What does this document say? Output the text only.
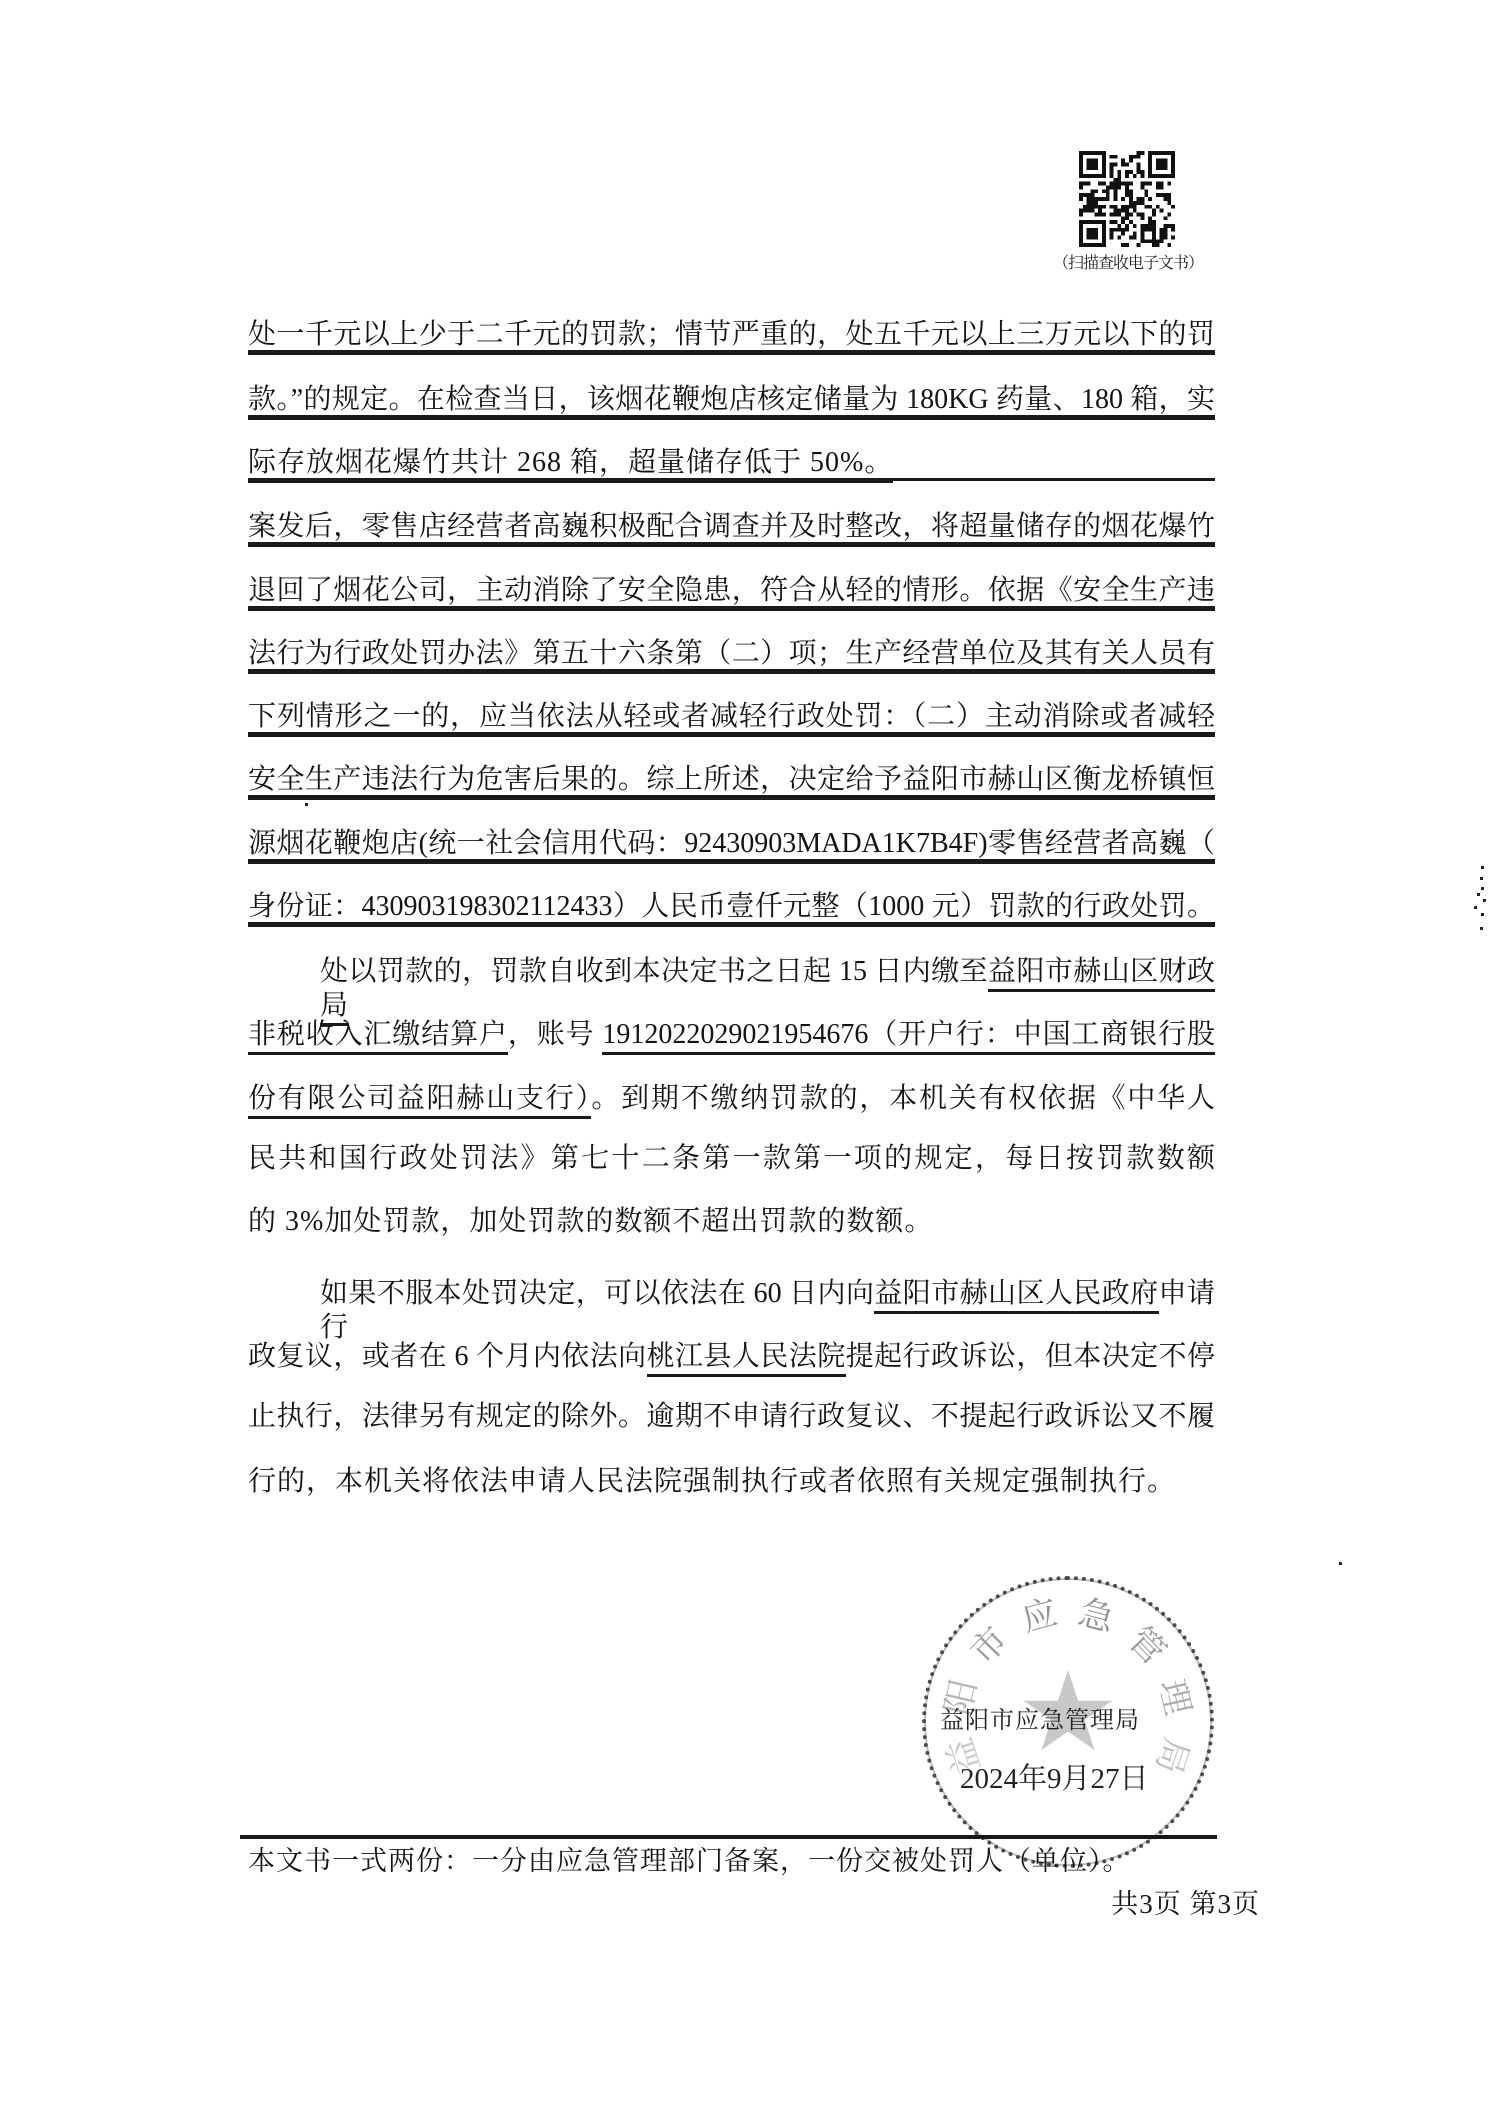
（扫描查收电子文书）
处一千元以上少于二千元的罚款；情节严重的，处五千元以上三万元以下的罚
款。”的规定。在检查当日，该烟花鞭炮店核定储量为 180KG 药量、180 箱，实
际存放烟花爆竹共计 268 箱，超量储存低于 50%。
案发后，零售店经营者高巍积极配合调查并及时整改，将超量储存的烟花爆竹
退回了烟花公司，主动消除了安全隐患，符合从轻的情形。依据《安全生产违
法行为行政处罚办法》第五十六条第（二）项；生产经营单位及其有关人员有
下列情形之一的，应当依法从轻或者减轻行政处罚：（二）主动消除或者减轻
安全生产违法行为危害后果的。综上所述，决定给予益阳市赫山区衡龙桥镇恒
源烟花鞭炮店(统一社会信用代码：92430903MADA1K7B4F)零售经营者高巍（
身份证：430903198302112433）人民币壹仟元整（1000 元）罚款的行政处罚。
处以罚款的，罚款自收到本决定书之日起 15 日内缴至益阳市赫山区财政局
非税收入汇缴结算户，账号 1912022029021954676（开户行：中国工商银行股
份有限公司益阳赫山支行）。到期不缴纳罚款的，本机关有权依据《中华人
民共和国行政处罚法》第七十二条第一款第一项的规定，每日按罚款数额
的 3%加处罚款，加处罚款的数额不超出罚款的数额。
如果不服本处罚决定，可以依法在 60 日内向益阳市赫山区人民政府申请行
政复议，或者在 6 个月内依法向桃江县人民法院提起行政诉讼，但本决定不停
止执行，法律另有规定的除外。逾期不申请行政复议、不提起行政诉讼又不履
行的，本机关将依法申请人民法院强制执行或者依照有关规定强制执行。
益
阳
市
应 急
管
理
局
益阳市应急管理局
2024年9月27日
本文书一式两份：一分由应急管理部门备案，一份交被处罚人（单位）。
共3页 第3页
